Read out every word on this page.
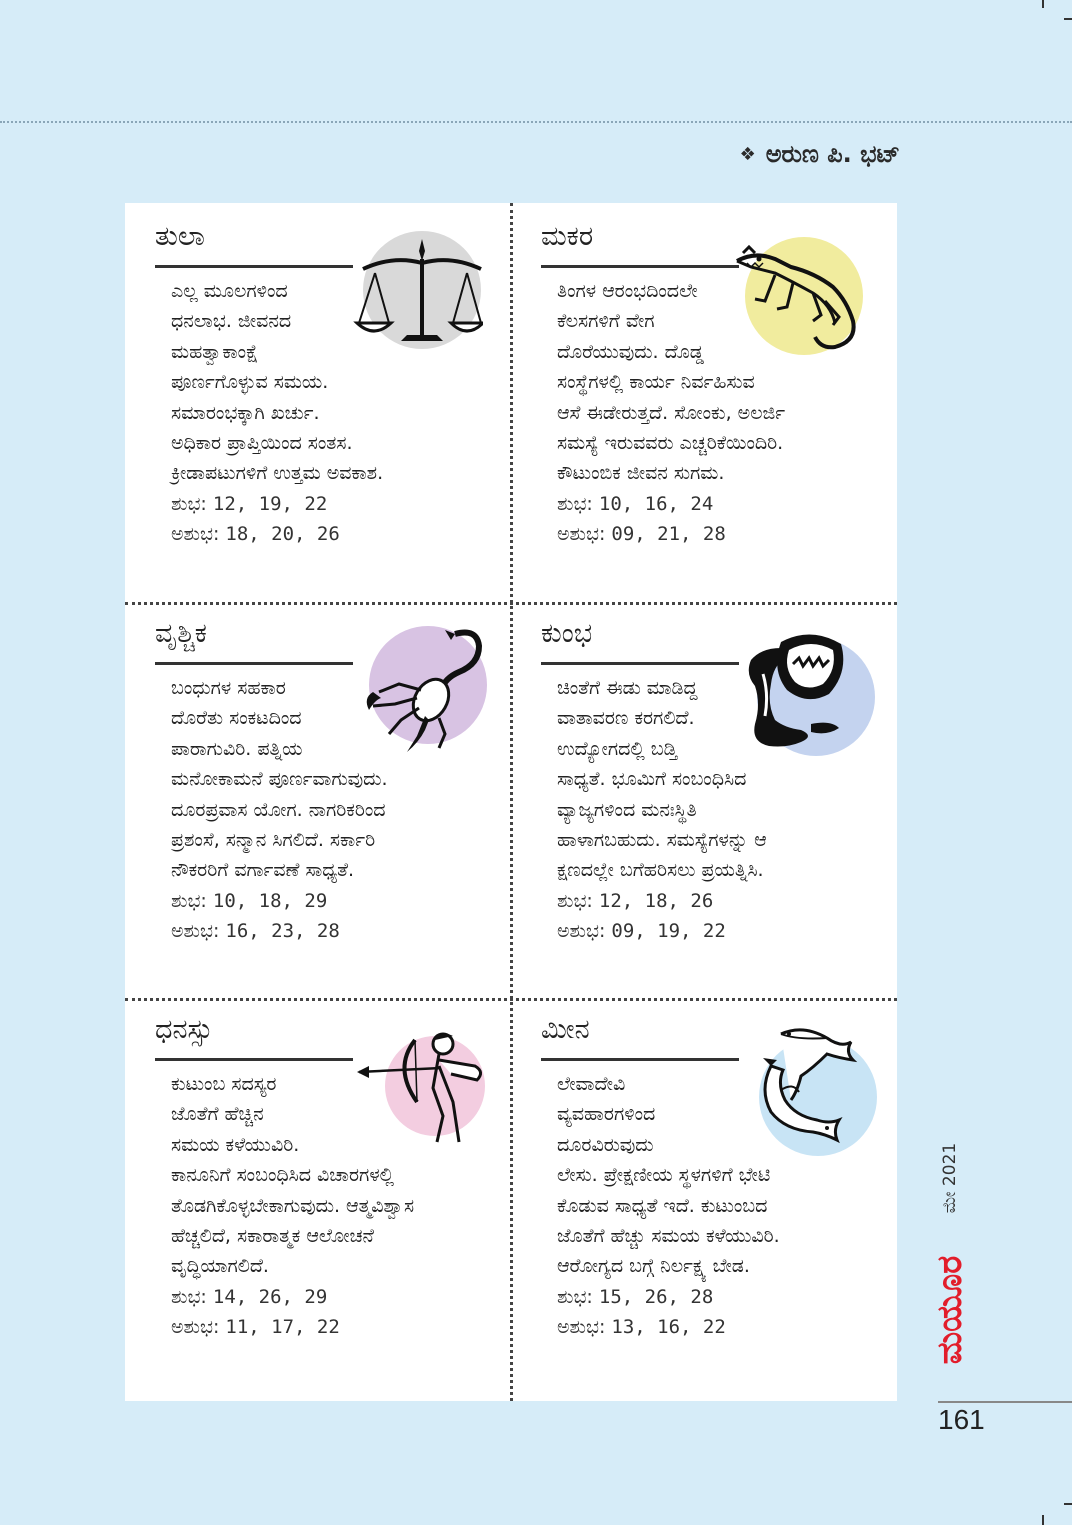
❖ ಅರುಣ ಪಿ. ಭಟ್
ತುಲಾ

ಎಲ್ಲ ಮೂಲಗಳಿಂದ

ಧನಲಾಭ. ಜೀವನದ

ಮಹತ್ವಾಕಾಂಕ್ಷೆ

ಪೂರ್ಣಗೊಳ್ಳುವ ಸಮಯ.

ಸಮಾರಂಭಕ್ಕಾಗಿ ಖರ್ಚು.

ಅಧಿಕಾರ ಪ್ರಾಪ್ತಿಯಿಂದ ಸಂತಸ.

ಕ್ರೀಡಾಪಟುಗಳಿಗೆ ಉತ್ತಮ ಅವಕಾಶ.

ಶುಭ: 12, 19, 22

ಅಶುಭ: 18, 20, 26

ಮಕರ

ತಿಂಗಳ ಆರಂಭದಿಂದಲೇ

ಕೆಲಸಗಳಿಗೆ ವೇಗ

ದೊರೆಯುವುದು. ದೊಡ್ಡ

ಸಂಸ್ಥೆಗಳಲ್ಲಿ ಕಾರ್ಯ ನಿರ್ವಹಿಸುವ

ಆಸೆ ಈಡೇರುತ್ತದೆ. ಸೋಂಕು, ಅಲರ್ಜಿ

ಸಮಸ್ಯೆ ಇರುವವರು ಎಚ್ಚರಿಕೆಯಿಂದಿರಿ.

ಕೌಟುಂಬಿಕ ಜೀವನ ಸುಗಮ.

ಶುಭ: 10, 16, 24

ಅಶುಭ: 09, 21, 28

ವೃಶ್ಚಿಕ

ಬಂಧುಗಳ ಸಹಕಾರ

ದೊರೆತು ಸಂಕಟದಿಂದ

ಪಾರಾಗುವಿರಿ. ಪತ್ನಿಯ

ಮನೋಕಾಮನೆ ಪೂರ್ಣವಾಗುವುದು.

ದೂರಪ್ರವಾಸ ಯೋಗ. ನಾಗರಿಕರಿಂದ

ಪ್ರಶಂಸೆ, ಸನ್ಮಾನ ಸಿಗಲಿದೆ. ಸರ್ಕಾರಿ

ನೌಕರರಿಗೆ ವರ್ಗಾವಣೆ ಸಾಧ್ಯತೆ.

ಶುಭ: 10, 18, 29

ಅಶುಭ: 16, 23, 28

ಕುಂಭ

ಚಿಂತೆಗೆ ಈಡು ಮಾಡಿದ್ದ

ವಾತಾವರಣ ಕರಗಲಿದೆ.

ಉದ್ಯೋಗದಲ್ಲಿ ಬಡ್ತಿ

ಸಾಧ್ಯತೆ. ಭೂಮಿಗೆ ಸಂಬಂಧಿಸಿದ

ವ್ಯಾಜ್ಯಗಳಿಂದ ಮನಃಸ್ಥಿತಿ

ಹಾಳಾಗಬಹುದು. ಸಮಸ್ಯೆಗಳನ್ನು ಆ

ಕ್ಷಣದಲ್ಲೇ ಬಗೆಹರಿಸಲು ಪ್ರಯತ್ನಿಸಿ.

ಶುಭ: 12, 18, 26

ಅಶುಭ: 09, 19, 22

ಧನಸ್ಸು

ಕುಟುಂಬ ಸದಸ್ಯರ

ಜೊತೆಗೆ ಹೆಚ್ಚಿನ

ಸಮಯ ಕಳೆಯುವಿರಿ.

ಕಾನೂನಿಗೆ ಸಂಬಂಧಿಸಿದ ವಿಚಾರಗಳಲ್ಲಿ

ತೊಡಗಿಕೊಳ್ಳಬೇಕಾಗುವುದು. ಆತ್ಮವಿಶ್ವಾಸ

ಹೆಚ್ಚಲಿದೆ, ಸಕಾರಾತ್ಮಕ ಆಲೋಚನೆ

ವೃದ್ಧಿಯಾಗಲಿದೆ.

ಶುಭ: 14, 26, 29

ಅಶುಭ: 11, 17, 22

ಮೀನ

ಲೇವಾದೇವಿ

ವ್ಯವಹಾರಗಳಿಂದ

ದೂರವಿರುವುದು

ಲೇಸು. ಪ್ರೇಕ್ಷಣೀಯ ಸ್ಥಳಗಳಿಗೆ ಭೇಟಿ

ಕೊಡುವ ಸಾಧ್ಯತೆ ಇದೆ. ಕುಟುಂಬದ

ಜೊತೆಗೆ ಹೆಚ್ಚು ಸಮಯ ಕಳೆಯುವಿರಿ.

ಆರೋಗ್ಯದ ಬಗ್ಗೆ ನಿರ್ಲಕ್ಷ್ಯ ಬೇಡ.

ಶುಭ: 15, 26, 28

ಅಶುಭ: 13, 16, 22

ಮೇ 2021
ಮಯೂರ
161
